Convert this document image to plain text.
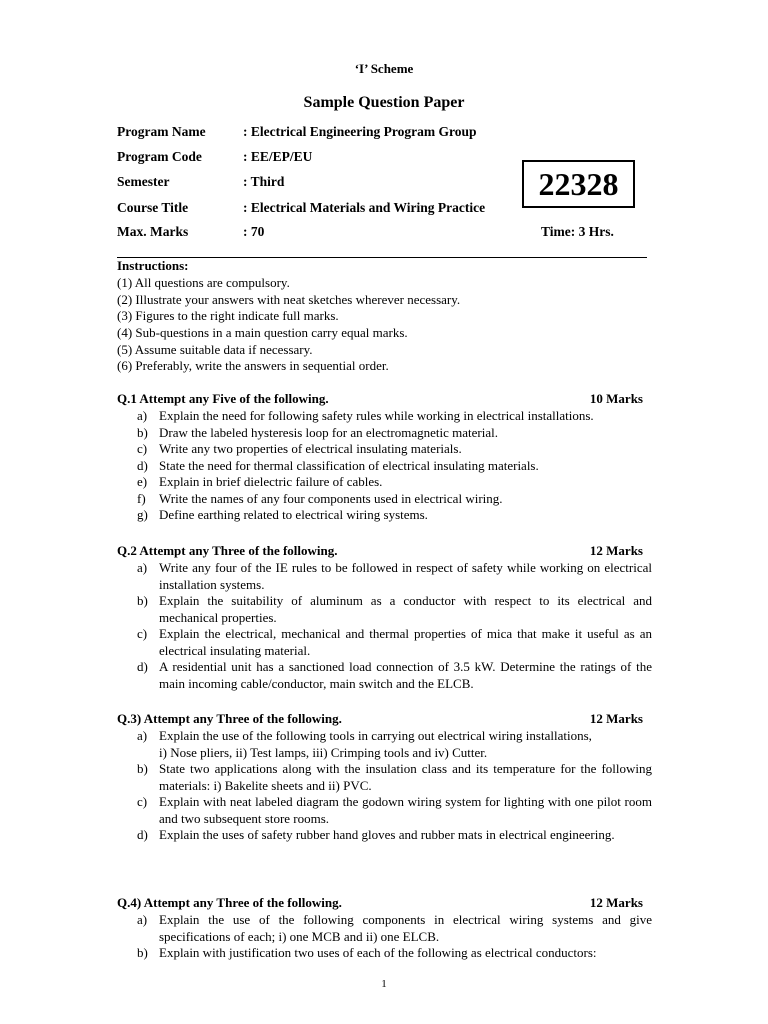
‘I’ Scheme
Sample Question Paper
Program Name	: Electrical Engineering Program Group
Program Code	: EE/EP/EU
Semester	: Third
Course Title	: Electrical Materials and Wiring Practice
Max. Marks	: 70
22328
Time: 3 Hrs.
Instructions:
(1) All questions are compulsory.
(2) Illustrate your answers with neat sketches wherever necessary.
(3) Figures to the right indicate full marks.
(4) Sub-questions in a main question carry equal marks.
(5) Assume suitable data if necessary.
(6) Preferably, write the answers in sequential order.
Q.1 Attempt any Five of the following.	10 Marks
a) Explain the need for following safety rules while working in electrical installations.
b) Draw the labeled hysteresis loop for an electromagnetic material.
c) Write any two properties of electrical insulating materials.
d) State the need for thermal classification of electrical insulating materials.
e) Explain in brief dielectric failure of cables.
f) Write the names of any four components used in electrical wiring.
g) Define earthing related to electrical wiring systems.
Q.2 Attempt any Three of the following.	12 Marks
a) Write any four of the IE rules to be followed in respect of safety while working on electrical installation systems.
b) Explain the suitability of aluminum as a conductor with respect to its electrical and mechanical properties.
c) Explain the electrical, mechanical and thermal properties of mica that make it useful as an electrical insulating material.
d) A residential unit has a sanctioned load connection of 3.5 kW. Determine the ratings of the main incoming cable/conductor, main switch and the ELCB.
Q.3) Attempt any Three of the following.	12 Marks
a) Explain the use of the following tools in carrying out electrical wiring installations,
i) Nose pliers, ii) Test lamps, iii) Crimping tools and iv) Cutter.
b) State two applications along with the insulation class and its temperature for the following materials: i) Bakelite sheets and ii) PVC.
c) Explain with neat labeled diagram the godown wiring system for lighting with one pilot room and two subsequent store rooms.
d) Explain the uses of safety rubber hand gloves and rubber mats in electrical engineering.
Q.4) Attempt any Three of the following.	12 Marks
a) Explain the use of the following components in electrical wiring systems and give specifications of each; i) one MCB and ii) one ELCB.
b) Explain with justification two uses of each of the following as electrical conductors:
1
